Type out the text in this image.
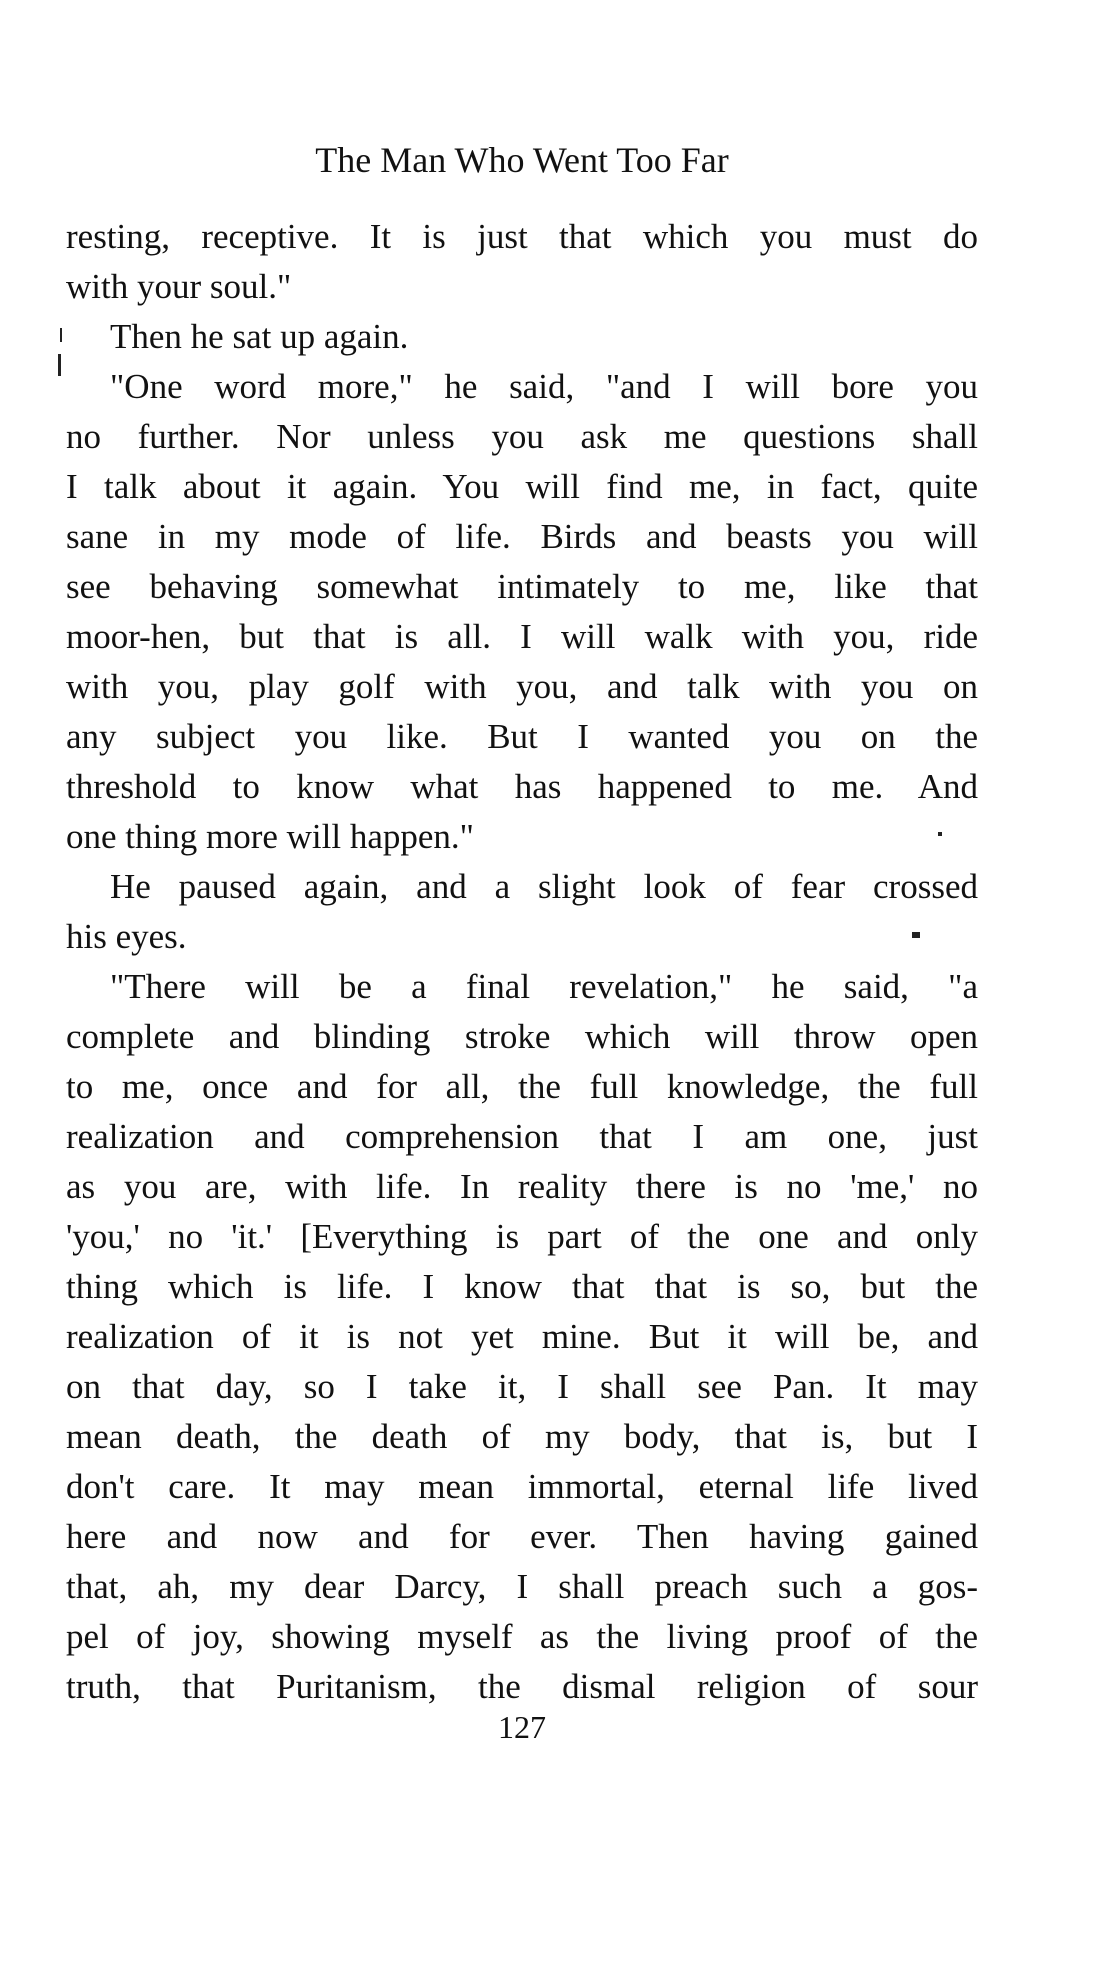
The Man Who Went Too Far
resting, receptive. It is just that which you must do
with your soul."
Then he sat up again.
"One word more," he said, "and I will bore you
no further. Nor unless you ask me questions shall
I talk about it again. You will find me, in fact, quite
sane in my mode of life. Birds and beasts you will
see behaving somewhat intimately to me, like that
moor-hen, but that is all. I will walk with you, ride
with you, play golf with you, and talk with you on
any subject you like. But I wanted you on the
threshold to know what has happened to me. And
one thing more will happen."
He paused again, and a slight look of fear crossed
his eyes.
"There will be a final revelation," he said, "a
complete and blinding stroke which will throw open
to me, once and for all, the full knowledge, the full
realization and comprehension that I am one, just
as you are, with life. In reality there is no 'me,' no
'you,' no 'it.' [Everything is part of the one and only
thing which is life. I know that that is so, but the
realization of it is not yet mine. But it will be, and
on that day, so I take it, I shall see Pan. It may
mean death, the death of my body, that is, but I
don't care. It may mean immortal, eternal life lived
here and now and for ever. Then having gained
that, ah, my dear Darcy, I shall preach such a gos-
pel of joy, showing myself as the living proof of the
truth, that Puritanism, the dismal religion of sour
127
